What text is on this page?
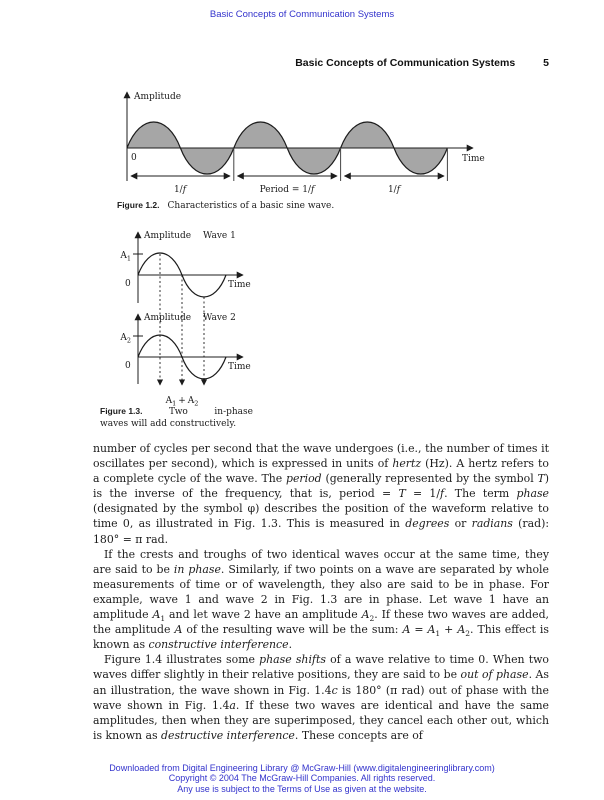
Basic Concepts of Communication Systems
Basic Concepts of Communication Systems	5
Amplitude
Time
0
1/f	Period = 1/f	1/f
Figure 1.2. Characteristics of a basic sine wave.
Amplitude Wave 1
$A_1$
Time
0
Amplitude Wave 2
$A_2$
Time
0
$A_1 + A_2$
Figure 1.3.	Two	in-phase
waves will add constructively.

number of cycles per second that the wave undergoes (i.e., the number of times it oscillates per second), which is expressed in units of hertz (Hz). A hertz refers to a complete cycle of the wave. The period (generally represented by the symbol T) is the inverse of the frequency, that is, period = T = 1/f. The term phase (designated by the symbol φ) describes the position of the waveform relative to time 0, as illustrated in Fig. 1.3. This is measured in degrees or radians (rad): 180° = π rad.

If the crests and troughs of two identical waves occur at the same time, they are said to be in phase. Similarly, if two points on a wave are separated by whole measurements of time or of wavelength, they also are said to be in phase. For example, wave 1 and wave 2 in Fig. 1.3 are in phase. Let wave 1 have an amplitude $A_1$ and let wave 2 have an amplitude $A_2$. If these two waves are added, the amplitude A of the resulting wave will be the sum: $A = A_1 + A_2$. This effect is known as constructive interference.

Figure 1.4 illustrates some phase shifts of a wave relative to time 0. When two waves differ slightly in their relative positions, they are said to be out of phase. As an illustration, the wave shown in Fig. 1.4c is 180° (π rad) out of phase with the wave shown in Fig. 1.4a. If these two waves are identical and have the same amplitudes, then when they are superimposed, they cancel each other out, which is known as destructive interference. These concepts are of

Downloaded from Digital Engineering Library @ McGraw-Hill (www.digitalengineeringlibrary.com)
Copyright © 2004 The McGraw-Hill Companies. All rights reserved.
Any use is subject to the Terms of Use as given at the website.
